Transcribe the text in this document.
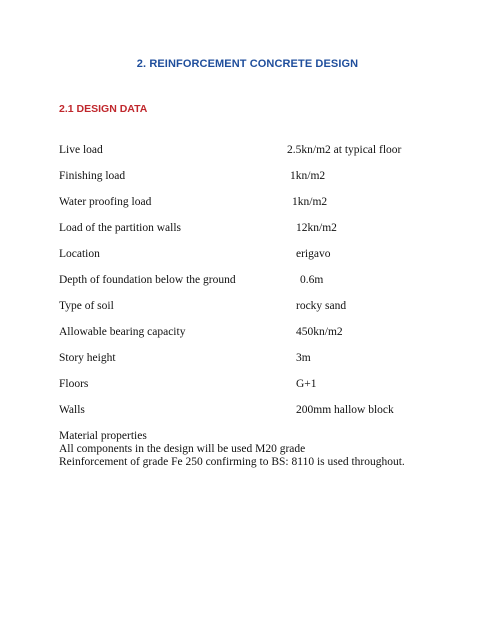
2. REINFORCEMENT CONCRETE DESIGN
2.1 DESIGN DATA
Live load	2.5kn/m2 at typical floor
Finishing load	1kn/m2
Water proofing load	1kn/m2
Load of the partition walls	12kn/m2
Location	erigavo
Depth of foundation below the ground	0.6m
Type of soil	rocky sand
Allowable bearing capacity	450kn/m2
Story height	3m
Floors	G+1
Walls	200mm hallow block
Material properties
All components in the design will be used M20 grade
Reinforcement of grade Fe 250 confirming to BS: 8110 is used throughout.
